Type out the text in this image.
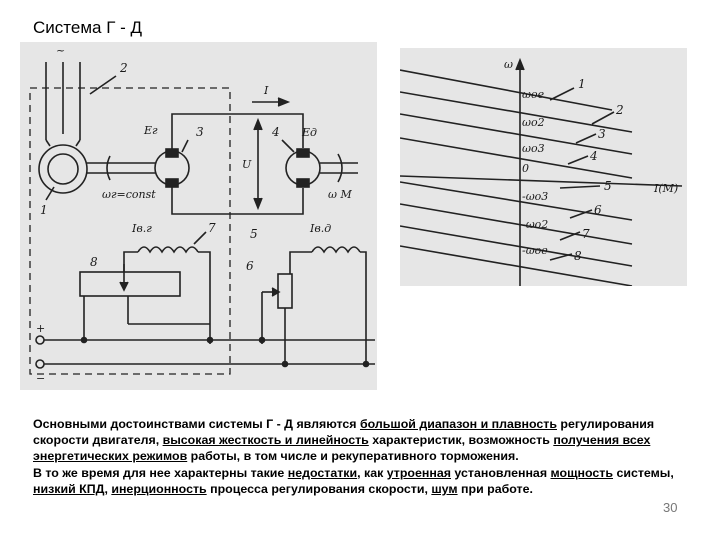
Система Г - Д
~
2
1
3	4
5
6
7
8
I
Eг	Eд
U
ωг=const	ω M
Iв.г	Iв.д
+
−
ω
I(M)
0
ωое
ωо2
ωо3
-ωо3
-ωо2
-ωое
1
2
3
4
5
6
7
8

Основными достоинствами системы Г - Д являются большой диапазон и плавность регулирования скорости двигателя, высокая жесткость и линейность характеристик, возможность получения всех энергетических режимов работы, в том числе и рекуперативного торможения.

В то же время для нее характерны такие недостатки, как утроенная установленная мощность системы, низкий КПД, инерционность процесса регулирования скорости, шум при работе.

30
